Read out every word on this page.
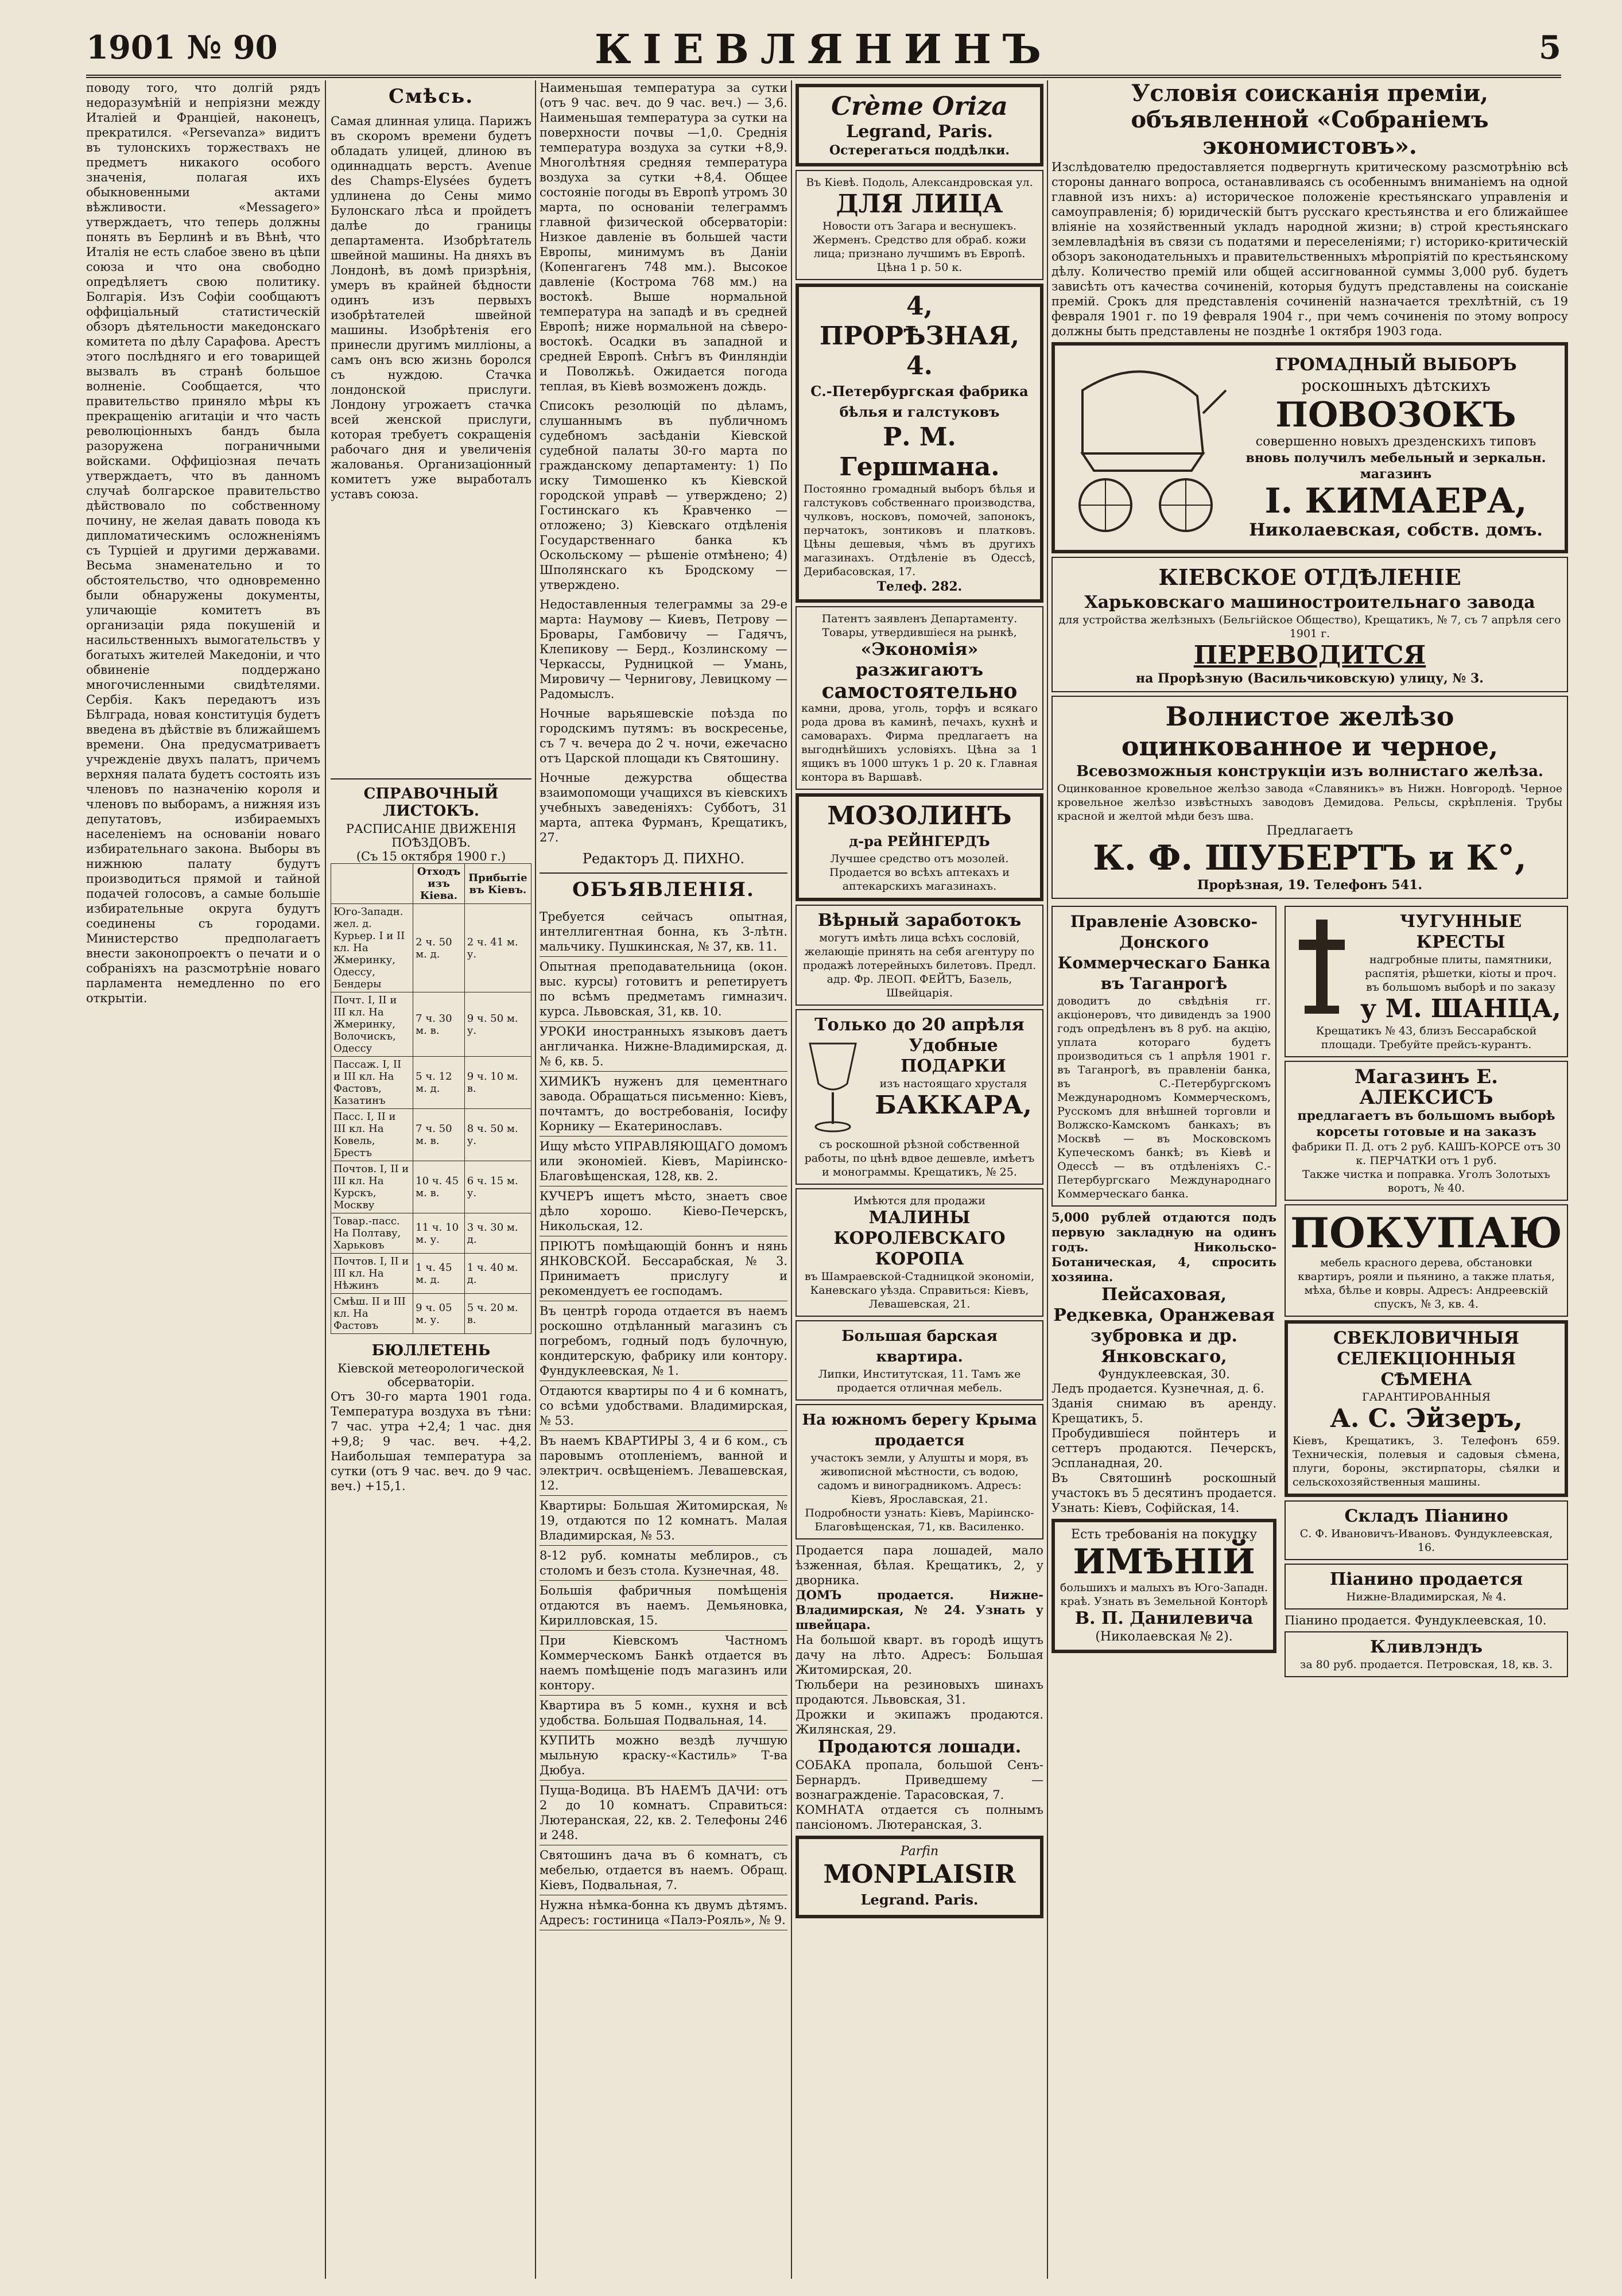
1901 № 90	КІЕВЛЯНИНЪ	5
поводу того, что долгій рядъ недоразумѣній и непріязни между Италіей и Франціей, наконецъ, прекратился. «Persevanza» видитъ въ тулонскихъ торжествахъ не предметъ никакого особого значенія, полагая ихъ обыкновенными актами вѣжливости. «Messagero» утверждаетъ, что теперь должны понять въ Берлинѣ и въ Вѣнѣ, что Италія не есть слабое звено въ цѣпи союза и что она свободно опредѣляетъ свою политику. Болгарія. Изъ Софіи сообщаютъ оффиціальный статистическій обзоръ дѣятельности македонскаго комитета по дѣлу Сарафова. Арестъ этого послѣдняго и его товарищей вызвалъ въ странѣ большое волненіе. Сообщается, что правительство приняло мѣры къ прекращенію агитаціи и что часть революціонныхъ бандъ была разоружена пограничными войсками. Оффиціозная печать утверждаетъ, что въ данномъ случаѣ болгарское правительство дѣйствовало по собственному почину, не желая давать повода къ дипломатическимъ осложненіямъ съ Турціей и другими державами. Весьма знаменательно и то обстоятельство, что одновременно были обнаружены документы, уличающіе комитетъ въ организаціи ряда покушеній и насильственныхъ вымогательствъ у богатыхъ жителей Македоніи, и что обвиненіе поддержано многочисленными свидѣтелями. Сербія. Какъ передаютъ изъ Бѣлграда, новая конституція будетъ введена въ дѣйствіе въ ближайшемъ времени. Она предусматриваетъ учрежденіе двухъ палатъ, причемъ верхняя палата будетъ состоять изъ членовъ по назначенію короля и членовъ по выборамъ, а нижняя изъ депутатовъ, избираемыхъ населеніемъ на основаніи новаго избирательнаго закона. Выборы въ нижнюю палату будутъ производиться прямой и тайной подачей голосовъ, а самые большіе избирательные округа будутъ соединены съ городами. Министерство предполагаетъ внести законопроектъ о печати и о собраніяхъ на разсмотрѣніе новаго парламента немедленно по его открытіи.
Смѣсь.
Самая длинная улица. Парижъ въ скоромъ времени будетъ обладать улицей, длиною въ одиннадцать верстъ. Avenue des Champs-Elysées будетъ удлинена до Сены мимо Булонскаго лѣса и пройдетъ далѣе до границы департамента. Изобрѣтатель швейной машины. На дняхъ въ Лондонѣ, въ домѣ призрѣнія, умеръ въ крайней бѣдности одинъ изъ первыхъ изобрѣтателей швейной машины. Изобрѣтенія его принесли другимъ милліоны, а самъ онъ всю жизнь боролся съ нуждою. Стачка лондонской прислуги. Лондону угрожаетъ стачка всей женской прислуги, которая требуетъ сокращенія рабочаго дня и увеличенія жалованья. Организаціонный комитетъ уже выработалъ уставъ союза.
СПРАВОЧНЫЙ ЛИСТОКЪ.
РАСПИСАНІЕ ДВИЖЕНІЯ ПОѢЗДОВЪ.
(Съ 15 октября 1900 г.)
	Отходъ изъ Кіева.	Прибытіе въ Кіевъ.
Юго-Западн. жел. д. Курьер. I и II кл. На Жмеринку, Одессу, Бендеры	2 ч. 50 м. д.	2 ч. 41 м. у.
Почт. I, II и III кл. На Жмеринку, Волочискъ, Одессу	7 ч. 30 м. в.	9 ч. 50 м. у.
Пассаж. I, II и III кл. На Фастовъ, Казатинъ	5 ч. 12 м. д.	9 ч. 10 м. в.
Пасс. I, II и III кл. На Ковель, Брестъ	7 ч. 50 м. в.	8 ч. 50 м. у.
Почтов. I, II и III кл. На Курскъ, Москву	10 ч. 45 м. в.	6 ч. 15 м. у.
Товар.-пасс. На Полтаву, Харьковъ	11 ч. 10 м. у.	3 ч. 30 м. д.
Почтов. I, II и III кл. На Нѣжинъ	1 ч. 45 м. д.	1 ч. 40 м. д.
Смѣш. II и III кл. На Фастовъ	9 ч. 05 м. у.	5 ч. 20 м. в.
БЮЛЛЕТЕНЬ
Кіевской метеорологической обсерваторіи.
Отъ 30-го марта 1901 года. Температура воздуха въ тѣни: 7 час. утра +2,4; 1 час. дня +9,8; 9 час. веч. +4,2. Наибольшая температура за сутки (отъ 9 час. веч. до 9 час. веч.) +15,1.
Наименьшая температура за сутки (отъ 9 час. веч. до 9 час. веч.) — 3,6. Наименьшая температура за сутки на поверхности почвы —1,0. Среднія температура воздуха за сутки +8,9. Многолѣтняя средняя температура воздуха за сутки +8,4. Общее состояніе погоды въ Европѣ утромъ 30 марта, по основаніи телеграммъ главной физической обсерваторіи: Низкое давленіе въ большей части Европы, минимумъ въ Даніи (Копенгагенъ 748 мм.). Высокое давленіе (Кострома 768 мм.) на востокѣ. Выше нормальной температура на западѣ и въ средней Европѣ; ниже нормальной на сѣверо-востокѣ. Осадки въ западной и средней Европѣ. Снѣгъ въ Финляндіи и Поволжьѣ. Ожидается погода теплая, въ Кіевѣ возможенъ дождь.
Списокъ резолюцій по дѣламъ, слушаннымъ въ публичномъ судебномъ засѣданіи Кіевской судебной палаты 30-го марта по гражданскому департаменту: 1) По иску Тимошенко къ Кіевской городской управѣ — утверждено; 2) Гостинскаго къ Кравченко — отложено; 3) Кіевскаго отдѣленія Государственнаго банка къ Оскольскому — рѣшеніе отмѣнено; 4) Шполянскаго къ Бродскому — утверждено.
Недоставленныя телеграммы за 29-е марта: Наумову — Киевъ, Петрову — Бровары, Гамбовичу — Гадячъ, Клепикову — Берд., Козлинскому — Черкассы, Рудницкой — Умань, Мировичу — Чернигову, Левицкому — Радомыслъ.
Ночные варьяшевскіе поѣзда по городскимъ путямъ: въ воскресенье, съ 7 ч. вечера до 2 ч. ночи, ежечасно отъ Царской площади къ Святошину.
Ночные дежурства общества взаимопомощи учащихся въ кіевскихъ учебныхъ заведеніяхъ: Субботъ, 31 марта, аптека Фурманъ, Крещатикъ, 27.
Редакторъ Д. ПИХНО.
ОБЪЯВЛЕНІЯ.
Требуется сейчасъ опытная, интеллигентная бонна, къ 3-лѣтн. мальчику. Пушкинская, № 37, кв. 11.
Опытная преподавательница (окон. выс. курсы) готовитъ и репетируетъ по всѣмъ предметамъ гимназич. курса. Львовская, 31, кв. 10.
УРОКИ иностранныхъ языковъ даетъ англичанка. Нижне-Владимирская, д. № 6, кв. 5.
ХИМИКЪ нуженъ для цементнаго завода. Обращаться письменно: Кіевъ, почтамтъ, до востребованія, Іосифу Корнику — Екатеринославъ.
Ищу мѣсто УПРАВЛЯЮЩАГО домомъ или экономіей. Кіевъ, Маріинско-Благовѣщенская, 128, кв. 2.
КУЧЕРЪ ищетъ мѣсто, знаетъ свое дѣло хорошо. Кіево-Печерскъ, Никольская, 12.
ПРІЮТЪ помѣщающій боннъ и нянь ЯНКОВСКОЙ. Бессарабская, № 3. Принимаетъ прислугу и рекомендуетъ ее господамъ.
Въ центрѣ города отдается въ наемъ роскошно отдѣланный магазинъ съ погребомъ, годный подъ булочную, кондитерскую, фабрику или контору. Фундуклеевская, № 1.
Отдаются квартиры по 4 и 6 комнатъ, со всѣми удобствами. Владимирская, № 53.
Въ наемъ КВАРТИРЫ 3, 4 и 6 ком., съ паровымъ отопленіемъ, ванной и электрич. освѣщеніемъ. Левашевская, 12.
Квартиры: Большая Житомирская, № 19, отдаются по 12 комнатъ. Малая Владимирская, № 53.
8-12 руб. комнаты меблиров., съ столомъ и безъ стола. Кузнечная, 48.
Большія фабричныя помѣщенія отдаются въ наемъ. Демьяновка, Кирилловская, 15.
При Кіевскомъ Частномъ Коммерческомъ Банкѣ отдается въ наемъ помѣщеніе подъ магазинъ или контору.
Квартира въ 5 комн., кухня и всѣ удобства. Большая Подвальная, 14.
КУПИТЬ можно вездѣ лучшую мыльную краску-«Кастиль» Т-ва Дюбуа.
Пуща-Водица. ВЪ НАЕМЪ ДАЧИ: отъ 2 до 10 комнатъ. Справиться: Лютеранская, 22, кв. 2. Телефоны 246 и 248.
Святошинъ дача въ 6 комнатъ, съ мебелью, отдается въ наемъ. Обращ. Кіевъ, Подвальная, 7.
Нужна нѣмка-бонна къ двумъ дѣтямъ. Адресъ: гостиница «Палэ-Рояль», № 9.
Crème Oriza
Legrand, Paris.
Остерегаться поддѣлки.
Въ Кіевѣ. Подоль, Александровская ул.
ДЛЯ ЛИЦА
Новости отъ Загара и веснушекъ. Жерменъ. Средство для обраб. кожи лица; признано лучшимъ въ Европѣ. Цѣна 1 р. 50 к.
4, ПРОРѢЗНАЯ, 4.
С.-Петербургская фабрика бѣлья и галстуковъ
Р. М. Гершмана.
Постоянно громадный выборъ бѣлья и галстуковъ собственнаго производства, чулковъ, носковъ, помочей, запонокъ, перчатокъ, зонтиковъ и платковъ. Цѣны дешевыя, чѣмъ въ другихъ магазинахъ. Отдѣленіе въ Одессѣ, Дерибасовская, 17.
Телеф. 282.
Патентъ заявленъ Департаменту. Товары, утвердившіеся на рынкѣ,
«Экономія» разжигаютъ
самостоятельно
камни, дрова, уголь, торфъ и всякаго рода дрова въ каминѣ, печахъ, кухнѣ и самоварахъ. Фирма предлагаетъ на выгоднѣйшихъ условіяхъ. Цѣна за 1 ящикъ въ 1000 штукъ 1 р. 20 к. Главная контора въ Варшавѣ.
МОЗОЛИНЪ
д-ра РЕЙНГЕРДЪ
Лучшее средство отъ мозолей. Продается во всѣхъ аптекахъ и аптекарскихъ магазинахъ.
Вѣрный заработокъ
могутъ имѣть лица всѣхъ сословій, желающіе принять на себя агентуру по продажѣ лотерейныхъ билетовъ. Предл. адр. Фр. ЛЕОП. ФЕЙТЪ, Базель, Швейцарія.
Только до 20 апрѣля
Удобные ПОДАРКИ
изъ настоящаго хрусталя
БАККАРА,
съ роскошной рѣзной собственной работы, по цѣнѣ вдвое дешевле, имѣетъ и монограммы. Крещатикъ, № 25.
Имѣются для продажи
МАЛИНЫ КОРОЛЕВСКАГО КОРОПА
въ Шамраевской-Стадницкой экономіи, Каневскаго уѣзда. Справиться: Кіевъ, Левашевская, 21.
Большая барская квартира.
Липки, Институтская, 11. Тамъ же продается отличная мебель.
На южномъ берегу Крыма продается
участокъ земли, у Алушты и моря, въ живописной мѣстности, съ водою, садомъ и виноградникомъ. Адресъ: Кіевъ, Ярославская, 21.
Подробности узнать: Кіевъ, Маріинско-Благовѣщенская, 71, кв. Василенко.
Продается пара лошадей, мало ѣзженная, бѣлая. Крещатикъ, 2, у дворника.
ДОМЪ продается. Нижне-Владимирская, № 24. Узнать у швейцара.
На большой кварт. въ городѣ ищутъ дачу на лѣто. Адресъ: Большая Житомирская, 20.
Тюльбери на резиновыхъ шинахъ продаются. Львовская, 31.
Дрожки и экипажъ продаются. Жилянская, 29.
Продаются лошади.
СОБАКА пропала, большой Сенъ-Бернардъ. Приведшему — вознагражденіе. Тарасовская, 7.
КОМНАТА отдается съ полнымъ пансіономъ. Лютеранская, 3.
Parfin
MONPLAISIR
Legrand. Paris.
Условія соисканія преміи, объявленной «Собраніемъ экономистовъ».
Изслѣдователю предоставляется подвергнуть критическому разсмотрѣнію всѣ стороны даннаго вопроса, останавливаясь съ особеннымъ вниманіемъ на одной главной изъ нихъ: а) историческое положеніе крестьянскаго управленія и самоуправленія; б) юридическій бытъ русскаго крестьянства и его ближайшее вліяніе на хозяйственный укладъ народной жизни; в) строй крестьянскаго землевладѣнія въ связи съ податями и переселеніями; г) историко-критическій обзоръ законодательныхъ и правительственныхъ мѣропріятій по крестьянскому дѣлу. Количество премій или общей ассигнованной суммы 3,000 руб. будетъ зависѣть отъ качества сочиненій, которыя будутъ представлены на соисканіе премій. Срокъ для представленія сочиненій назначается трехлѣтній, съ 19 февраля 1901 г. по 19 февраля 1904 г., при чемъ сочиненія по этому вопросу должны быть представлены не позднѣе 1 октября 1903 года.
ГРОМАДНЫЙ ВЫБОРЪ
роскошныхъ дѣтскихъ
ПОВОЗОКЪ
совершенно новыхъ дрезденскихъ типовъ
вновь получилъ мебельный и зеркальн. магазинъ
І. КИМАЕРА,
Николаевская, собств. домъ.
КІЕВСКОЕ ОТДѢЛЕНІЕ
Харьковскаго машиностроительнаго завода
для устройства желѣзныхъ (Бельгійское Общество), Крещатикъ, № 7, съ 7 апрѣля сего 1901 г.
ПЕРЕВОДИТСЯ
на Прорѣзную (Васильчиковскую) улицу, № 3.
Волнистое желѣзо оцинкованное и черное,
Всевозможныя конструкціи изъ волнистаго желѣза.
Оцинкованное кровельное желѣзо завода «Славяникъ» въ Нижн. Новгородѣ. Черное кровельное желѣзо извѣстныхъ заводовъ Демидова. Рельсы, скрѣпленія. Трубы красной и желтой мѣди безъ шва.
Предлагаетъ
К. Ф. ШУБЕРТЪ и К°,
Прорѣзная, 19. Телефонъ 541.
Правленіе Азовско-Донского Коммерческаго Банка въ Таганрогѣ
доводитъ до свѣдѣнія гг. акціонеровъ, что дивидендъ за 1900 годъ опредѣленъ въ 8 руб. на акцію, уплата котораго будетъ производиться съ 1 апрѣля 1901 г. въ Таганрогѣ, въ правленіи банка, въ С.-Петербургскомъ Международномъ Коммерческомъ, Русскомъ для внѣшней торговли и Волжско-Камскомъ банкахъ; въ Москвѣ — въ Московскомъ Купеческомъ банкѣ; въ Кіевѣ и Одессѣ — въ отдѣленіяхъ С.-Петербургскаго Международнаго Коммерческаго банка.
5,000 рублей отдаются подъ первую закладную на одинъ годъ. Никольско-Ботаническая, 4, спросить хозяина.
Пейсаховая, Редкевка, Оранжевая зубровка и др. Янковскаго,
Фундуклеевская, 30.
Ледъ продается. Кузнечная, д. 6.
Зданія снимаю въ аренду. Крещатикъ, 5.
Пробудившіеся пойнтеръ и сеттеръ продаются. Печерскъ, Эспланадная, 20.
Въ Святошинѣ роскошный участокъ въ 5 десятинъ продается. Узнать: Кіевъ, Софійская, 14.
Есть требованія на покупку
ИМѢНІЙ
большихъ и малыхъ въ Юго-Западн. краѣ. Узнать въ Земельной Конторѣ
В. П. Данилевича
(Николаевская № 2).
ЧУГУННЫЕ КРЕСТЫ
надгробные плиты, памятники, распятія, рѣшетки, кіоты и проч. въ большомъ выборѣ и по заказу
у М. ШАНЦА,
Крещатикъ № 43, близъ Бессарабской площади. Требуйте прейсъ-курантъ.
Магазинъ Е. АЛЕКСИСЪ
предлагаетъ въ большомъ выборѣ корсеты готовые и на заказъ
фабрики П. Д. отъ 2 руб. КАШЪ-КОРСЕ отъ 30 к. ПЕРЧАТКИ отъ 1 руб.
Также чистка и поправка. Уголъ Золотыхъ воротъ, № 40.
ПОКУПАЮ
мебель красного дерева, обстановки квартиръ, рояли и пьянино, а также платья, мѣха, бѣлье и ковры. Адресъ: Андреевскій спускъ, № 3, кв. 4.
СВЕКЛОВИЧНЫЯ СЕЛЕКЦІОННЫЯ СѢМЕНА
ГАРАНТИРОВАННЫЯ
А. С. Эйзеръ,
Кіевъ, Крещатикъ, 3. Телефонъ 659. Техническія, полевыя и садовыя сѣмена, плуги, бороны, экстирпаторы, сѣялки и сельскохозяйственныя машины.
Складъ Піанино
С. Ф. Ивановичъ-Ивановъ. Фундуклеевская, 16.
Піанино продается
Нижне-Владимирская, № 4.
Піанино продается. Фундуклеевская, 10.
Кливлэндъ
за 80 руб. продается. Петровская, 18, кв. 3.
